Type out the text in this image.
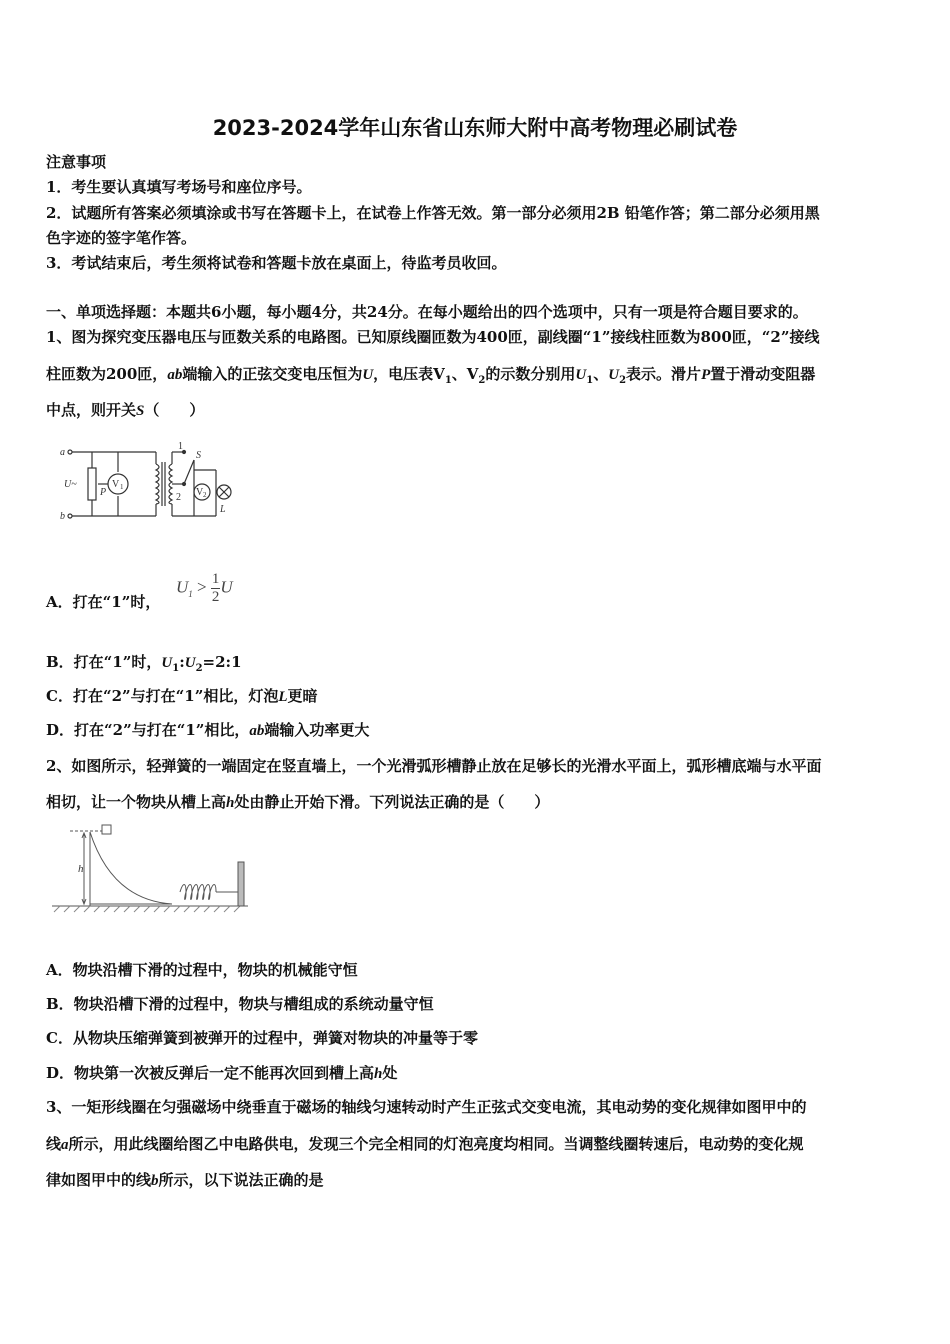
2023-2024学年山东省山东师大附中高考物理必刷试卷
注意事项
1．考生要认真填写考场号和座位序号。
2．试题所有答案必须填涂或书写在答题卡上，在试卷上作答无效。第一部分必须用2B 铅笔作答；第二部分必须用黑
色字迹的签字笔作答。
3．考试结束后，考生须将试卷和答题卡放在桌面上，待监考员收回。
一、单项选择题：本题共6小题，每小题4分，共24分。在每小题给出的四个选项中，只有一项是符合题目要求的。
1、图为探究变压器电压与匝数关系的电路图。已知原线圈匝数为400匝，副线圈“1”接线柱匝数为800匝，“2”接线
柱匝数为200匝，ab端输入的正弦交变电压恒为U，电压表$V_1$、$V_2$的示数分别用$U_1$、$U_2$表示。滑片P置于滑动变阻器
中点，则开关S（　　）
a
b
U~
P
V 1
1
2
S
V 2
L
A．打在“1”时，
$U_1 > \frac{1}{2}$ U
B．打在“1”时，$U_1:U_2=2:1$
C．打在“2”与打在“1”相比，灯泡L更暗
D．打在“2”与打在“1”相比，ab端输入功率更大
2、如图所示，轻弹簧的一端固定在竖直墙上，一个光滑弧形槽静止放在足够长的光滑水平面上，弧形槽底端与水平面
相切，让一个物块从槽上高h处由静止开始下滑。下列说法正确的是（　　）
h
A．物块沿槽下滑的过程中，物块的机械能守恒
B．物块沿槽下滑的过程中，物块与槽组成的系统动量守恒
C．从物块压缩弹簧到被弹开的过程中，弹簧对物块的冲量等于零
D．物块第一次被反弹后一定不能再次回到槽上高h处
3、一矩形线圈在匀强磁场中绕垂直于磁场的轴线匀速转动时产生正弦式交变电流，其电动势的变化规律如图甲中的
线a所示，用此线圈给图乙中电路供电，发现三个完全相同的灯泡亮度均相同。当调整线圈转速后，电动势的变化规
律如图甲中的线b所示，以下说法正确的是
